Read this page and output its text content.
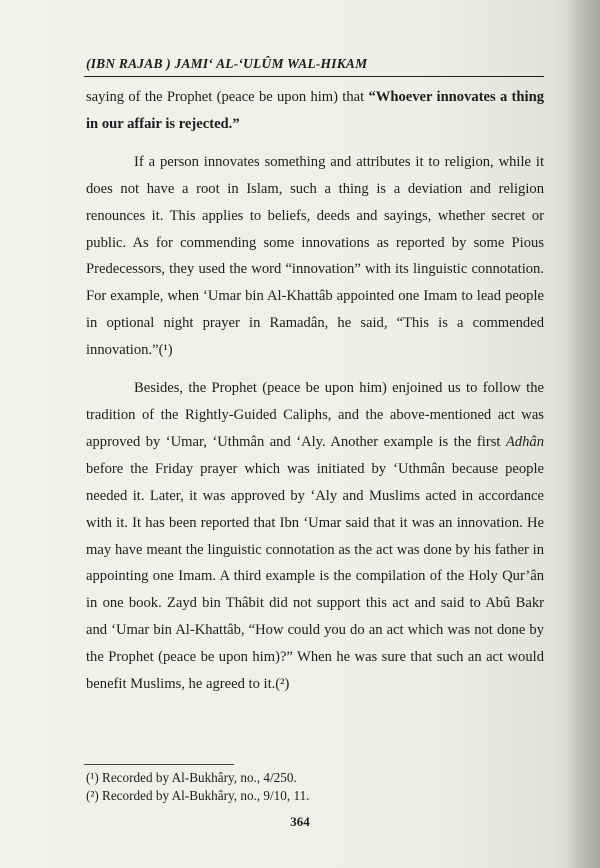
(IBN RAJAB ) JAMI‘ AL-‘ULÛM WAL-HIKAM

saying of the Prophet (peace be upon him) that “Whoever innovates a thing in our affair is rejected.”

If a person innovates something and attributes it to religion, while it does not have a root in Islam, such a thing is a deviation and religion renounces it. This applies to beliefs, deeds and sayings, whether secret or public. As for commending some innovations as reported by some Pious Predecessors, they used the word “innovation” with its linguistic connotation. For example, when ‘Umar bin Al-Khattâb appointed one Imam to lead people in optional night prayer in Ramadân, he said, “This is a commended innovation.”(¹)

Besides, the Prophet (peace be upon him) enjoined us to follow the tradition of the Rightly-Guided Caliphs, and the above-mentioned act was approved by ‘Umar, ‘Uthmân and ‘Aly. Another example is the first Adhân before the Friday prayer which was initiated by ‘Uthmân because people needed it. Later, it was approved by ‘Aly and Muslims acted in accordance with it. It has been reported that Ibn ‘Umar said that it was an innovation. He may have meant the linguistic connotation as the act was done by his father in appointing one Imam. A third example is the compilation of the Holy Qur’ân in one book. Zayd bin Thâbit did not support this act and said to Abû Bakr and ‘Umar bin Al-Khattâb, “How could you do an act which was not done by the Prophet (peace be upon him)?” When he was sure that such an act would benefit Muslims, he agreed to it.(²)

(¹) Recorded by Al-Bukhâry, no., 4/250.
(²) Recorded by Al-Bukhâry, no., 9/10, 11.
364
